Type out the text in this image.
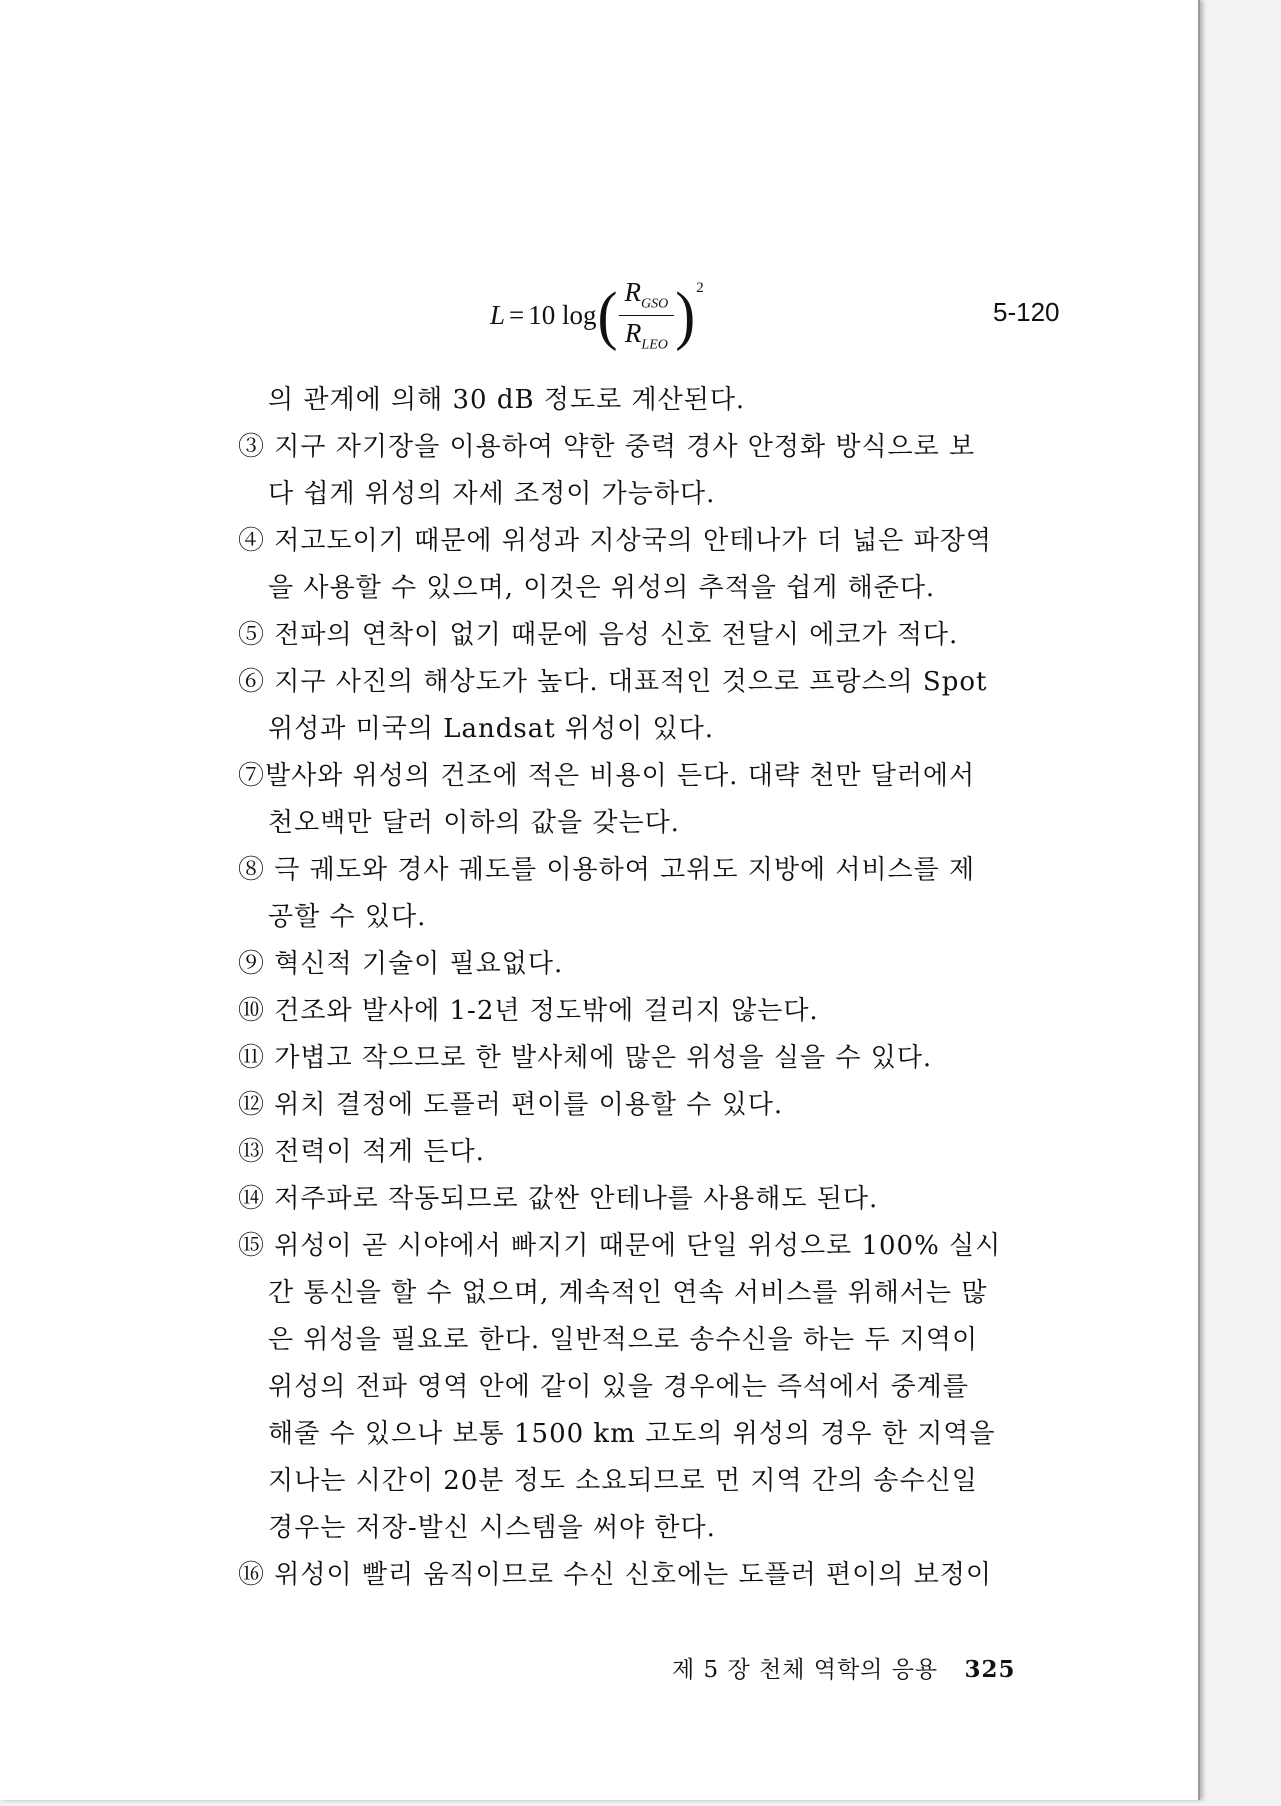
L = 10 log ( $\frac{R_{GSO}}{R_{LEO}}$ ) 2
5-120
의 관계에 의해 30 dB 정도로 계산된다.
③ 지구 자기장을 이용하여 약한 중력 경사 안정화 방식으로 보
다 쉽게 위성의 자세 조정이 가능하다.
④ 저고도이기 때문에 위성과 지상국의 안테나가 더 넓은 파장역
을 사용할 수 있으며, 이것은 위성의 추적을 쉽게 해준다.
⑤ 전파의 연착이 없기 때문에 음성 신호 전달시 에코가 적다.
⑥ 지구 사진의 해상도가 높다. 대표적인 것으로 프랑스의 Spot
위성과 미국의 Landsat 위성이 있다.
⑦발사와 위성의 건조에 적은 비용이 든다. 대략 천만 달러에서
천오백만 달러 이하의 값을 갖는다.
⑧ 극 궤도와 경사 궤도를 이용하여 고위도 지방에 서비스를 제
공할 수 있다.
⑨ 혁신적 기술이 필요없다.
⑩ 건조와 발사에 1-2년 정도밖에 걸리지 않는다.
⑪ 가볍고 작으므로 한 발사체에 많은 위성을 실을 수 있다.
⑫ 위치 결정에 도플러 편이를 이용할 수 있다.
⑬ 전력이 적게 든다.
⑭ 저주파로 작동되므로 값싼 안테나를 사용해도 된다.
⑮ 위성이 곧 시야에서 빠지기 때문에 단일 위성으로 100% 실시
간 통신을 할 수 없으며, 계속적인 연속 서비스를 위해서는 많
은 위성을 필요로 한다. 일반적으로 송수신을 하는 두 지역이
위성의 전파 영역 안에 같이 있을 경우에는 즉석에서 중계를
해줄 수 있으나 보통 1500 km 고도의 위성의 경우 한 지역을
지나는 시간이 20분 정도 소요되므로 먼 지역 간의 송수신일
경우는 저장-발신 시스템을 써야 한다.
⑯ 위성이 빨리 움직이므로 수신 신호에는 도플러 편이의 보정이
제 5 장 천체 역학의 응용 325
